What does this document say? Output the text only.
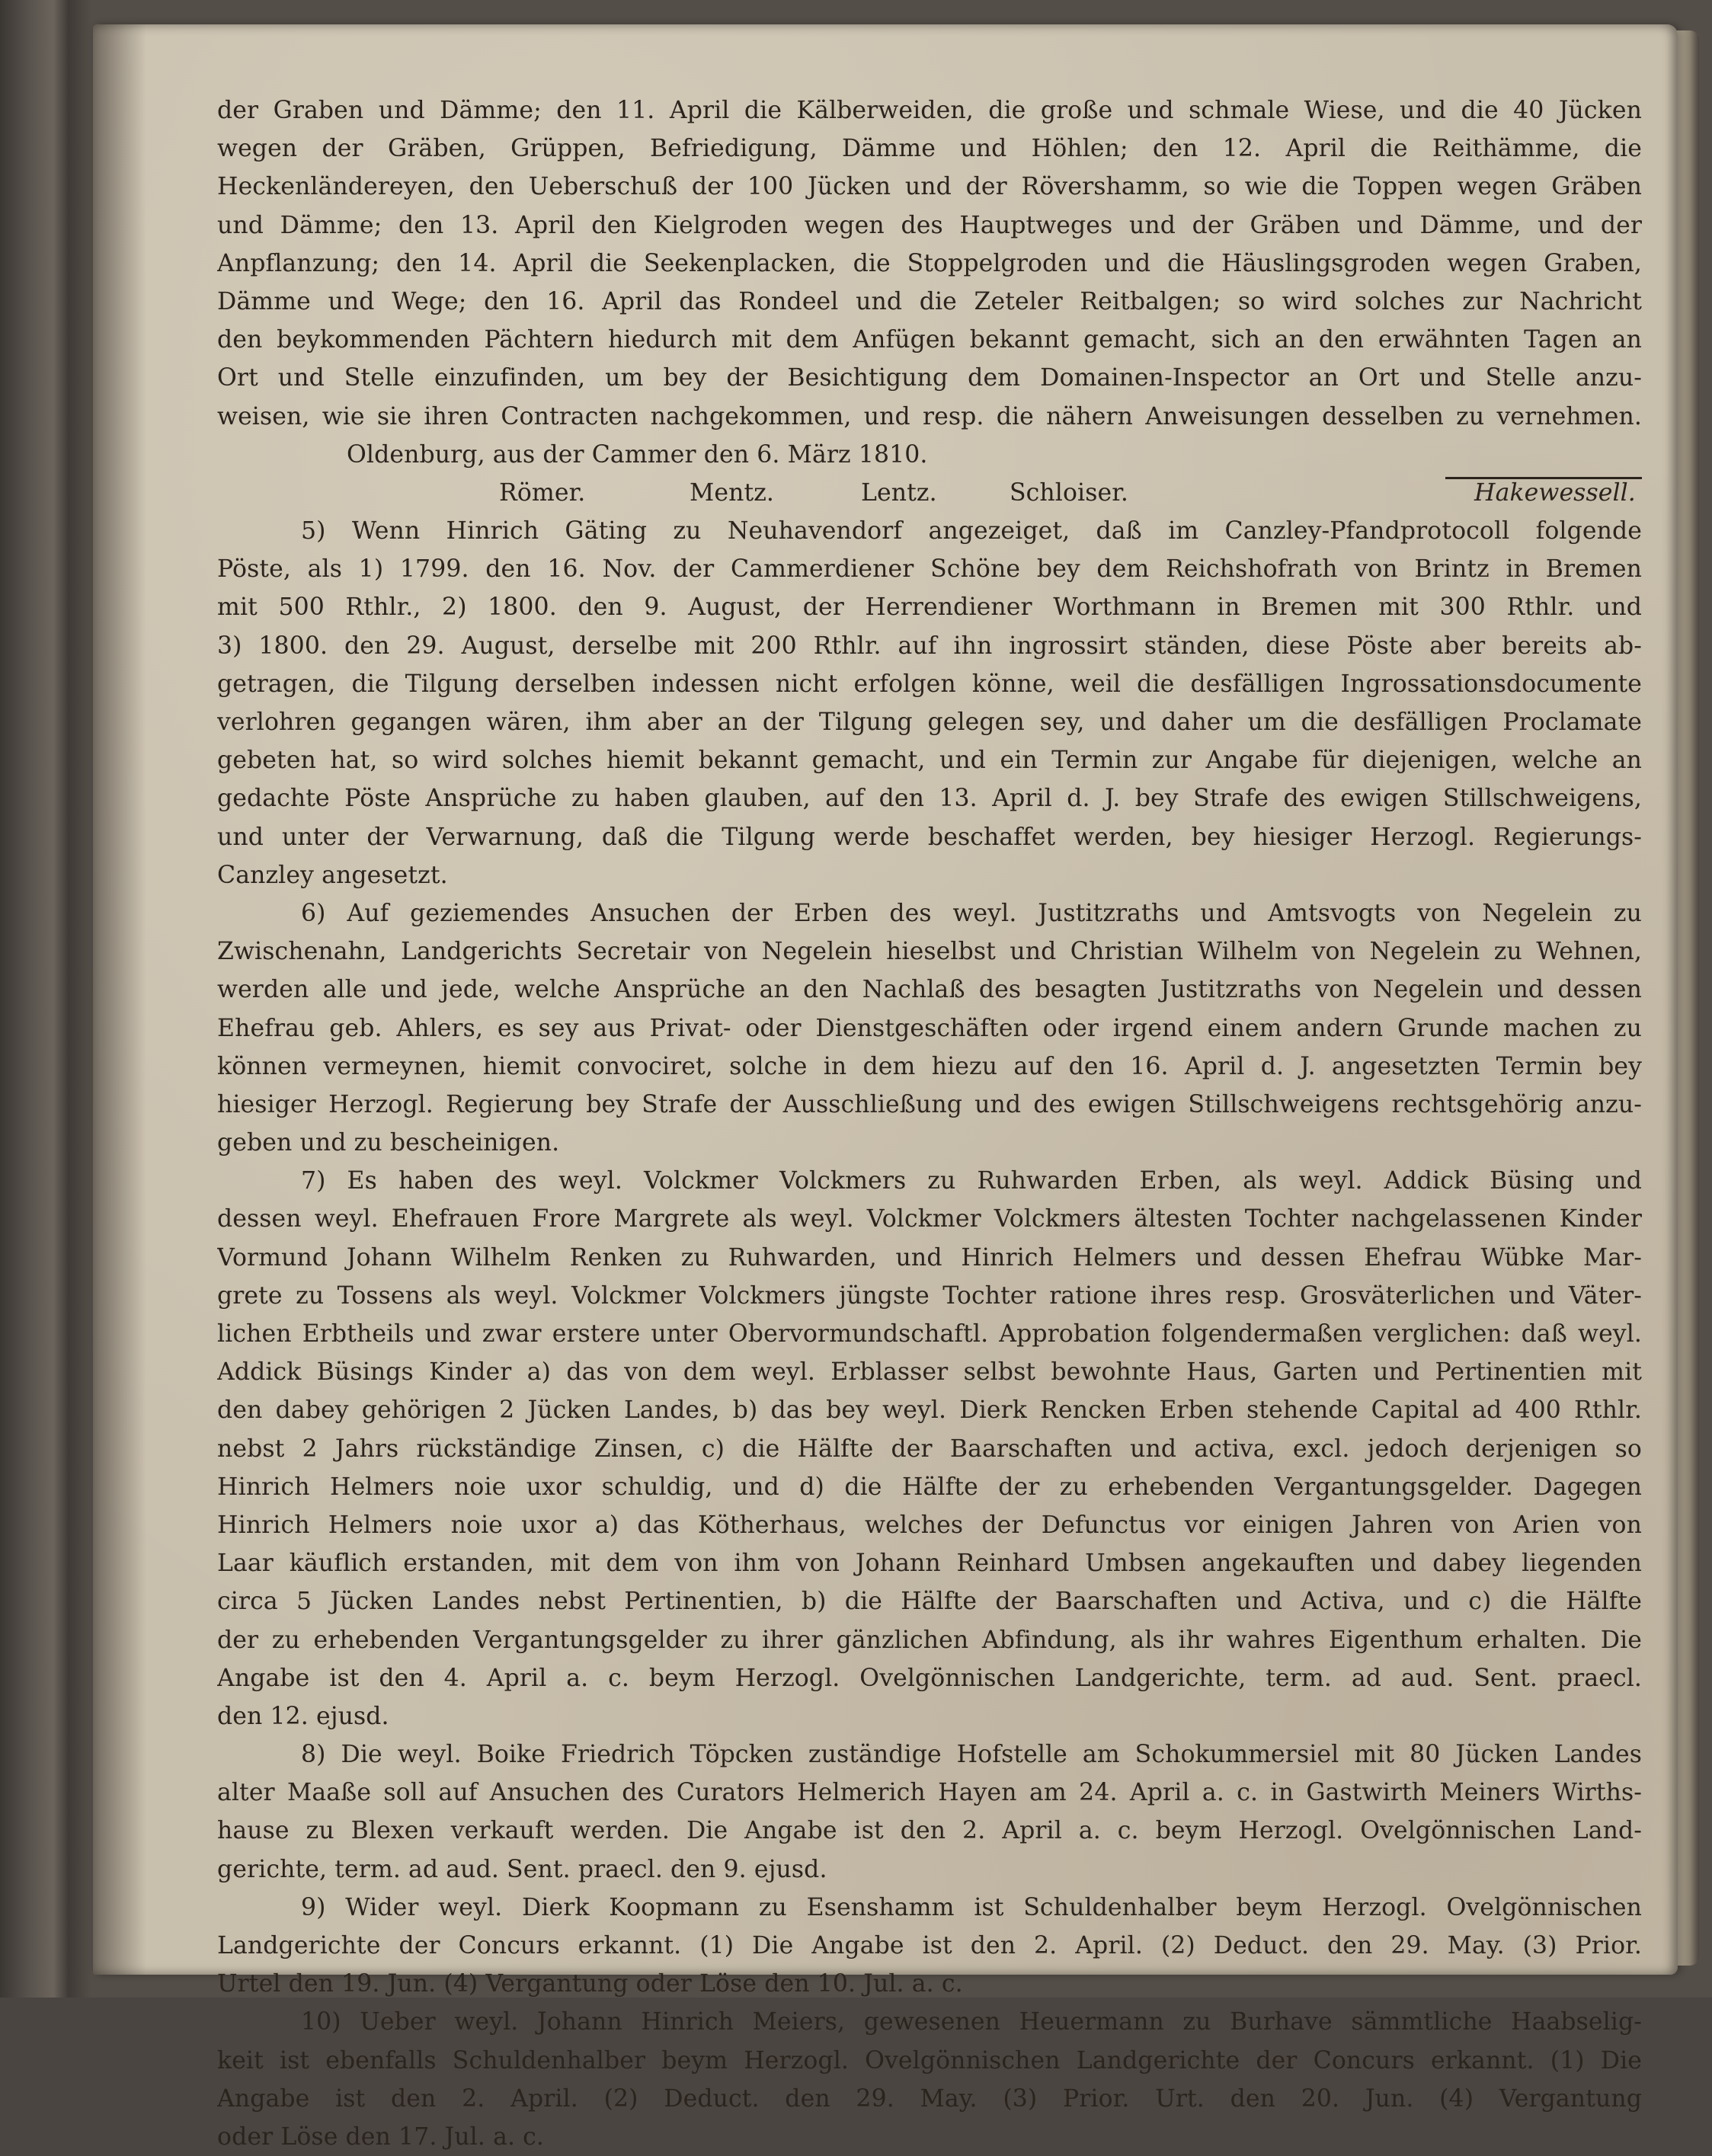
der Graben und Dämme; den 11. April die Kälberweiden, die große und schmale Wiese, und die 40 Jücken
wegen der Gräben, Grüppen, Befriedigung, Dämme und Höhlen; den 12. April die Reithämme, die
Heckenländereyen, den Ueberschuß der 100 Jücken und der Rövershamm, so wie die Toppen wegen Gräben
und Dämme; den 13. April den Kielgroden wegen des Hauptweges und der Gräben und Dämme, und der
Anpflanzung; den 14. April die Seekenplacken, die Stoppelgroden und die Häuslingsgroden wegen Graben,
Dämme und Wege; den 16. April das Rondeel und die Zeteler Reitbalgen; so wird solches zur Nachricht
den beykommenden Pächtern hiedurch mit dem Anfügen bekannt gemacht, sich an den erwähnten Tagen an
Ort und Stelle einzufinden, um bey der Besichtigung dem Domainen-Inspector an Ort und Stelle anzu-
weisen, wie sie ihren Contracten nachgekommen, und resp. die nähern Anweisungen desselben zu vernehmen.
Oldenburg, aus der Cammer den 6. März 1810.
Römer.	Mentz.	Lentz.	Schloiser.	Hakewessell.
5) Wenn Hinrich Gäting zu Neuhavendorf angezeiget, daß im Canzley-Pfandprotocoll folgende
Pöste, als 1) 1799. den 16. Nov. der Cammerdiener Schöne bey dem Reichshofrath von Brintz in Bremen
mit 500 Rthlr., 2) 1800. den 9. August, der Herrendiener Worthmann in Bremen mit 300 Rthlr. und
3) 1800. den 29. August, derselbe mit 200 Rthlr. auf ihn ingrossirt ständen, diese Pöste aber bereits ab-
getragen, die Tilgung derselben indessen nicht erfolgen könne, weil die desfälligen Ingrossationsdocumente
verlohren gegangen wären, ihm aber an der Tilgung gelegen sey, und daher um die desfälligen Proclamate
gebeten hat, so wird solches hiemit bekannt gemacht, und ein Termin zur Angabe für diejenigen, welche an
gedachte Pöste Ansprüche zu haben glauben, auf den 13. April d. J. bey Strafe des ewigen Stillschweigens,
und unter der Verwarnung, daß die Tilgung werde beschaffet werden, bey hiesiger Herzogl. Regierungs-
Canzley angesetzt.
6) Auf geziemendes Ansuchen der Erben des weyl. Justitzraths und Amtsvogts von Negelein zu
Zwischenahn, Landgerichts Secretair von Negelein hieselbst und Christian Wilhelm von Negelein zu Wehnen,
werden alle und jede, welche Ansprüche an den Nachlaß des besagten Justitzraths von Negelein und dessen
Ehefrau geb. Ahlers, es sey aus Privat- oder Dienstgeschäften oder irgend einem andern Grunde machen zu
können vermeynen, hiemit convociret, solche in dem hiezu auf den 16. April d. J. angesetzten Termin bey
hiesiger Herzogl. Regierung bey Strafe der Ausschließung und des ewigen Stillschweigens rechtsgehörig anzu-
geben und zu bescheinigen.
7) Es haben des weyl. Volckmer Volckmers zu Ruhwarden Erben, als weyl. Addick Büsing und
dessen weyl. Ehefrauen Frore Margrete als weyl. Volckmer Volckmers ältesten Tochter nachgelassenen Kinder
Vormund Johann Wilhelm Renken zu Ruhwarden, und Hinrich Helmers und dessen Ehefrau Wübke Mar-
grete zu Tossens als weyl. Volckmer Volckmers jüngste Tochter ratione ihres resp. Grosväterlichen und Väter-
lichen Erbtheils und zwar erstere unter Obervormundschaftl. Approbation folgendermaßen verglichen: daß weyl.
Addick Büsings Kinder a) das von dem weyl. Erblasser selbst bewohnte Haus, Garten und Pertinentien mit
den dabey gehörigen 2 Jücken Landes, b) das bey weyl. Dierk Rencken Erben stehende Capital ad 400 Rthlr.
nebst 2 Jahrs rückständige Zinsen, c) die Hälfte der Baarschaften und activa, excl. jedoch derjenigen so
Hinrich Helmers noie uxor schuldig, und d) die Hälfte der zu erhebenden Vergantungsgelder. Dagegen
Hinrich Helmers noie uxor a) das Kötherhaus, welches der Defunctus vor einigen Jahren von Arien von
Laar käuflich erstanden, mit dem von ihm von Johann Reinhard Umbsen angekauften und dabey liegenden
circa 5 Jücken Landes nebst Pertinentien, b) die Hälfte der Baarschaften und Activa, und c) die Hälfte
der zu erhebenden Vergantungsgelder zu ihrer gänzlichen Abfindung, als ihr wahres Eigenthum erhalten. Die
Angabe ist den 4. April a. c. beym Herzogl. Ovelgönnischen Landgerichte, term. ad aud. Sent. praecl.
den 12. ejusd.
8) Die weyl. Boike Friedrich Töpcken zuständige Hofstelle am Schokummersiel mit 80 Jücken Landes
alter Maaße soll auf Ansuchen des Curators Helmerich Hayen am 24. April a. c. in Gastwirth Meiners Wirths-
hause zu Blexen verkauft werden. Die Angabe ist den 2. April a. c. beym Herzogl. Ovelgönnischen Land-
gerichte, term. ad aud. Sent. praecl. den 9. ejusd.
9) Wider weyl. Dierk Koopmann zu Esenshamm ist Schuldenhalber beym Herzogl. Ovelgönnischen
Landgerichte der Concurs erkannt. (1) Die Angabe ist den 2. April. (2) Deduct. den 29. May. (3) Prior.
Urtel den 19. Jun. (4) Vergantung oder Löse den 10. Jul. a. c.
10) Ueber weyl. Johann Hinrich Meiers, gewesenen Heuermann zu Burhave sämmtliche Haabselig-
keit ist ebenfalls Schuldenhalber beym Herzogl. Ovelgönnischen Landgerichte der Concurs erkannt. (1) Die
Angabe ist den 2. April. (2) Deduct. den 29. May. (3) Prior. Urt. den 20. Jun. (4) Vergantung
oder Löse den 17. Jul. a. c.
